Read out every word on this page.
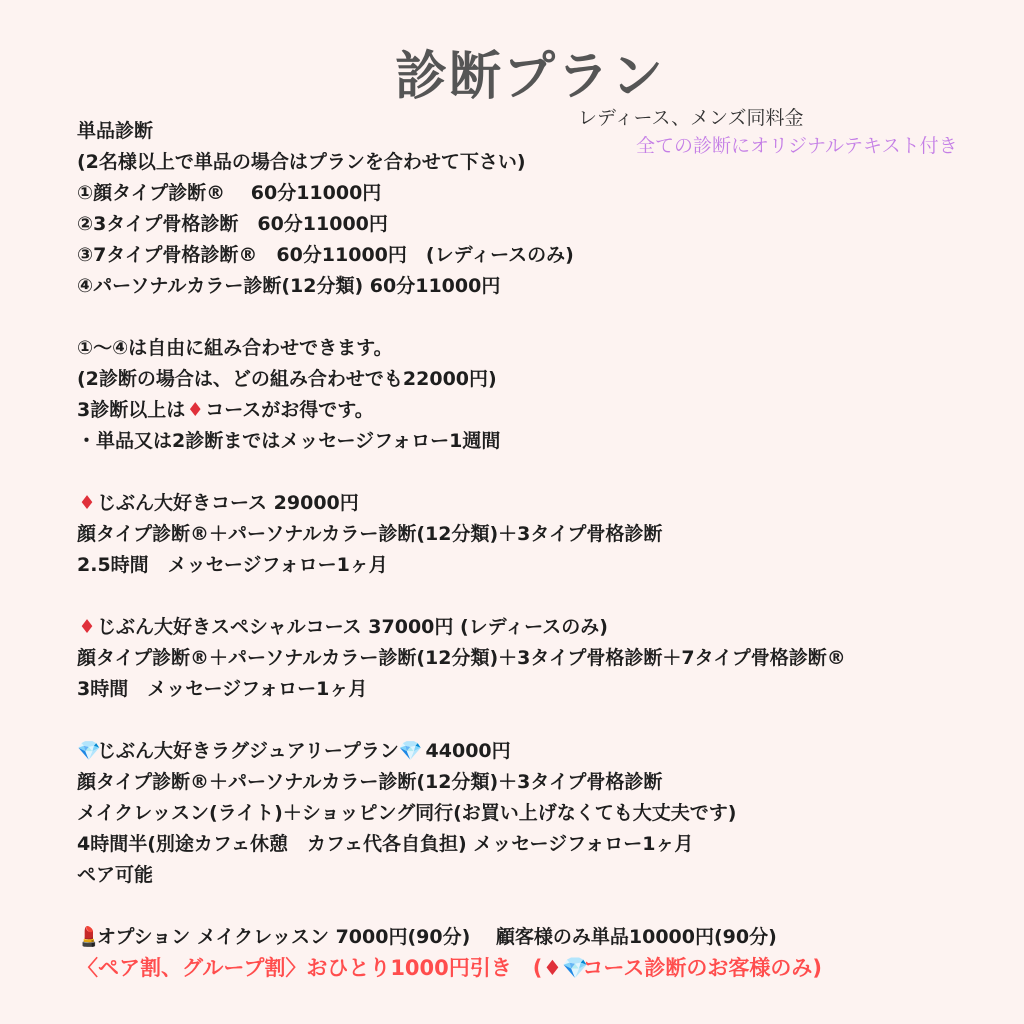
診断プラン
レディース、メンズ同料金
全ての診断にオリジナルテキスト付き
単品診断
(2名様以上で単品の場合はプランを合わせて下さい)
①顔タイプ診断®　 60分11000円
②3タイプ骨格診断　60分11000円
③7タイプ骨格診断®　60分11000円　(レディースのみ)
④パーソナルカラー診断(12分類) 60分11000円
①〜④は自由に組み合わせできます。
(2診断の場合は、どの組み合わせでも22000円)
3診断以上は♦コースがお得です。
・単品又は2診断まではメッセージフォロー1週間
♦じぶん大好きコース 29000円
顔タイプ診断®＋パーソナルカラー診断(12分類)＋3タイプ骨格診断
2.5時間　メッセージフォロー1ヶ月
♦じぶん大好きスペシャルコース 37000円 (レディースのみ)
顔タイプ診断®＋パーソナルカラー診断(12分類)＋3タイプ骨格診断＋7タイプ骨格診断®
3時間　メッセージフォロー1ヶ月
💎じぶん大好きラグジュアリープラン💎 44000円
顔タイプ診断®＋パーソナルカラー診断(12分類)＋3タイプ骨格診断
メイクレッスン(ライト)＋ショッピング同行(お買い上げなくても大丈夫です)
4時間半(別途カフェ休憩　カフェ代各自負担) メッセージフォロー1ヶ月
ペア可能
💄オプション メイクレッスン 7000円(90分)　 顧客様のみ単品10000円(90分)
〈ペア割、グループ割〉おひとり1000円引き　(♦💎コース診断のお客様のみ)
